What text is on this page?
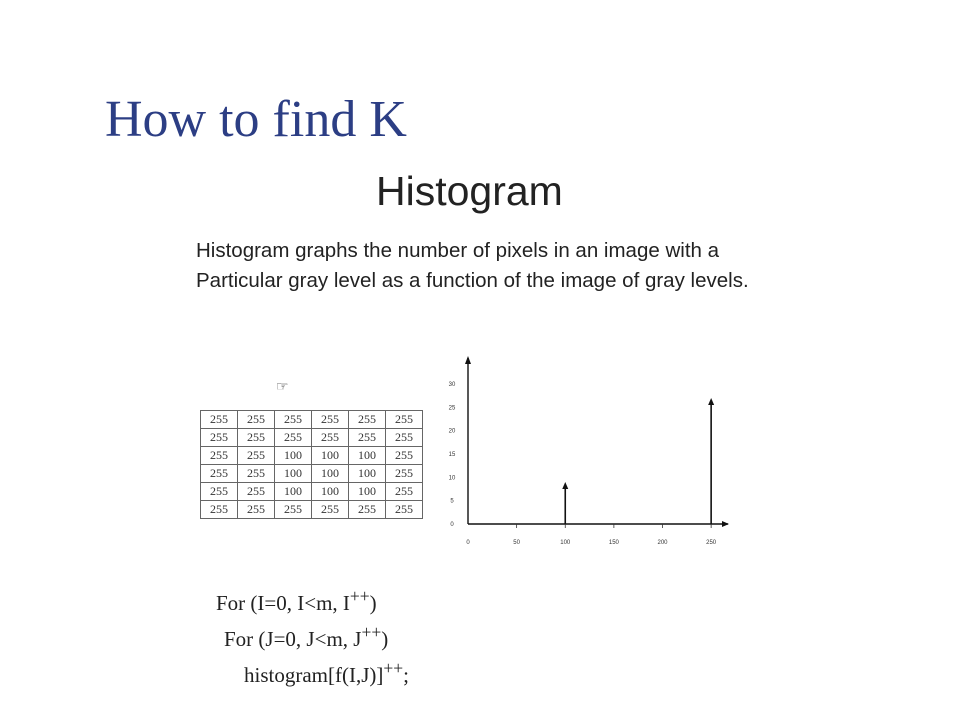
How to find K
Histogram
Histogram graphs the number of pixels in an image with a
Particular gray level as a function of the image of gray levels.
☞
255	255	255	255	255	255
255	255	255	255	255	255
255	255	100	100	100	255
255	255	100	100	100	255
255	255	100	100	100	255
255	255	255	255	255	255
0	50	100	150	200	250
0
5
10
15
20
25
30
For (I=0, I<m, I++)
For (J=0, J<m, J++)
histogram[f(I,J)]++;
